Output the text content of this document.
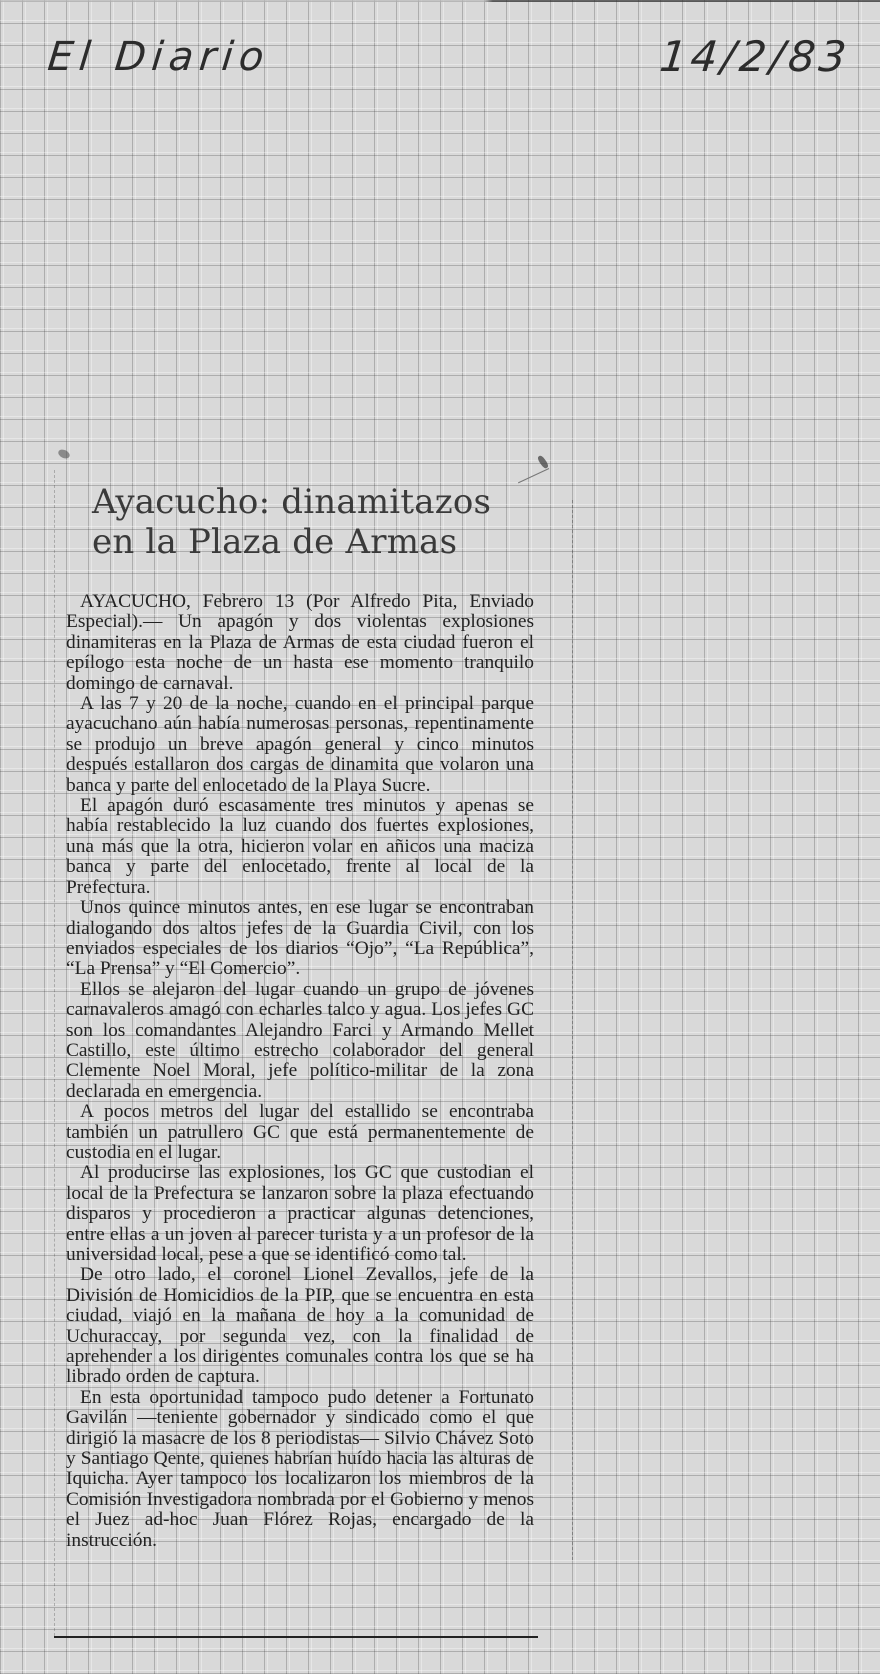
El Diario	14/2/83
Ayacucho: dinamitazos
en la Plaza de Armas

AYACUCHO, Febrero 13 (Por Alfredo Pita, Enviado Especial).— Un apagón y dos violentas explosiones dinamiteras en la Plaza de Armas de esta ciudad fueron el epílogo esta noche de un hasta ese momento tranquilo domingo de carnaval.

A las 7 y 20 de la noche, cuando en el principal parque ayacuchano aún había numerosas personas, repentinamente se produjo un breve apagón general y cinco minutos después estallaron dos cargas de dinamita que volaron una banca y parte del enlocetado de la Playa Sucre.

El apagón duró escasamente tres minutos y apenas se había restablecido la luz cuando dos fuertes explosiones, una más que la otra, hicieron volar en añicos una maciza banca y parte del enlocetado, frente al local de la Prefectura.

Unos quince minutos antes, en ese lugar se encontraban dialogando dos altos jefes de la Guardia Civil, con los enviados especiales de los diarios “Ojo”, “La República”, “La Prensa” y “El Comercio”.

Ellos se alejaron del lugar cuando un grupo de jóvenes carnavaleros amagó con echarles talco y agua. Los jefes GC son los comandantes Alejandro Farci y Armando Mellet Castillo, este último estrecho colaborador del general Clemente Noel Moral, jefe político-militar de la zona declarada en emergencia.

A pocos metros del lugar del estallido se encontraba también un patrullero GC que está permanentemente de custodia en el lugar.

Al producirse las explosiones, los GC que custodian el local de la Prefectura se lanzaron sobre la plaza efectuando disparos y procedieron a practicar algunas detenciones, entre ellas a un joven al parecer turista y a un profesor de la universidad local, pese a que se identificó como tal.

De otro lado, el coronel Lionel Zevallos, jefe de la División de Homicidios de la PIP, que se encuentra en esta ciudad, viajó en la mañana de hoy a la comunidad de Uchuraccay, por segunda vez, con la finalidad de aprehender a los dirigentes comunales contra los que se ha librado orden de captura.

En esta oportunidad tampoco pudo detener a Fortunato Gavilán —teniente gobernador y sindicado como el que dirigió la masacre de los 8 periodistas— Silvio Chávez Soto y Santiago Qente, quienes habrían huído hacia las alturas de Iquicha. Ayer tampoco los localizaron los miembros de la Comisión Investigadora nombrada por el Gobierno y menos el Juez ad-hoc Juan Flórez Rojas, encargado de la instrucción.
